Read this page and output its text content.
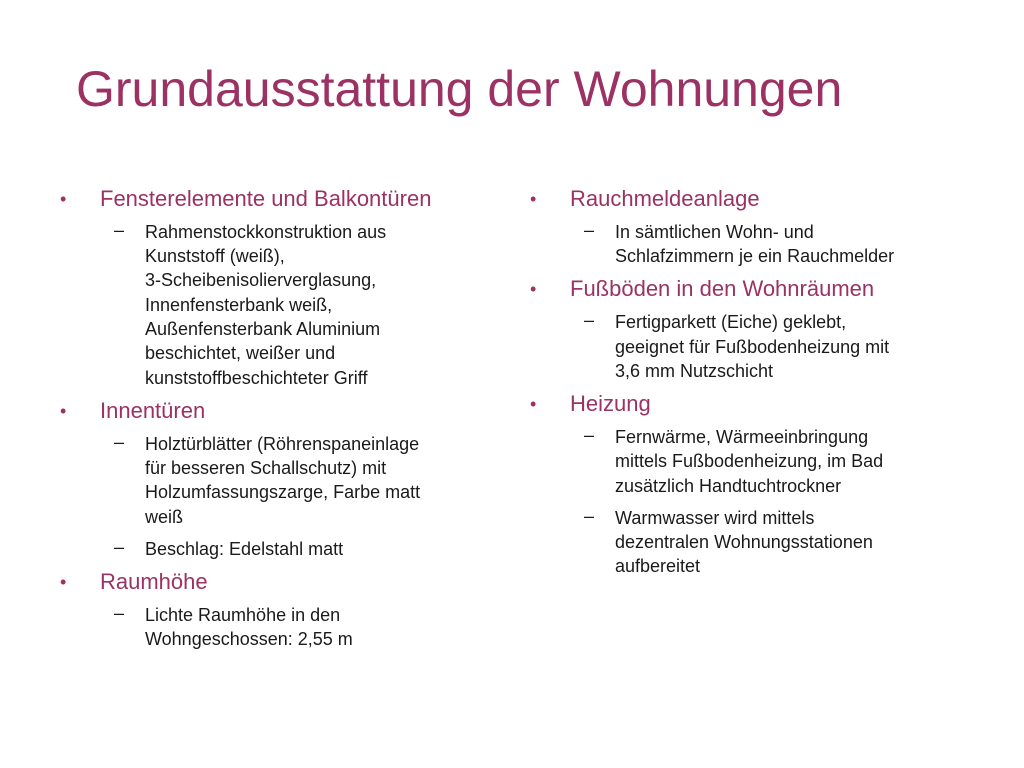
Grundausstattung der Wohnungen
• Fensterelemente und Balkontüren
– Rahmenstockkonstruktion aus
Kunststoff (weiß),
3-Scheibenisolierverglasung,
Innenfensterbank weiß,
Außenfensterbank Aluminium
beschichtet, weißer und
kunststoffbeschichteter Griff
• Innentüren
– Holztürblätter (Röhrenspaneinlage
für besseren Schallschutz) mit
Holzumfassungszarge, Farbe matt
weiß
– Beschlag: Edelstahl matt
• Raumhöhe
– Lichte Raumhöhe in den
Wohngeschossen: 2,55 m
• Rauchmeldeanlage
– In sämtlichen Wohn- und
Schlafzimmern je ein Rauchmelder
• Fußböden in den Wohnräumen
– Fertigparkett (Eiche) geklebt,
geeignet für Fußbodenheizung mit
3,6 mm Nutzschicht
• Heizung
– Fernwärme, Wärmeeinbringung
mittels Fußbodenheizung, im Bad
zusätzlich Handtuchtrockner
– Warmwasser wird mittels
dezentralen Wohnungsstationen
aufbereitet
